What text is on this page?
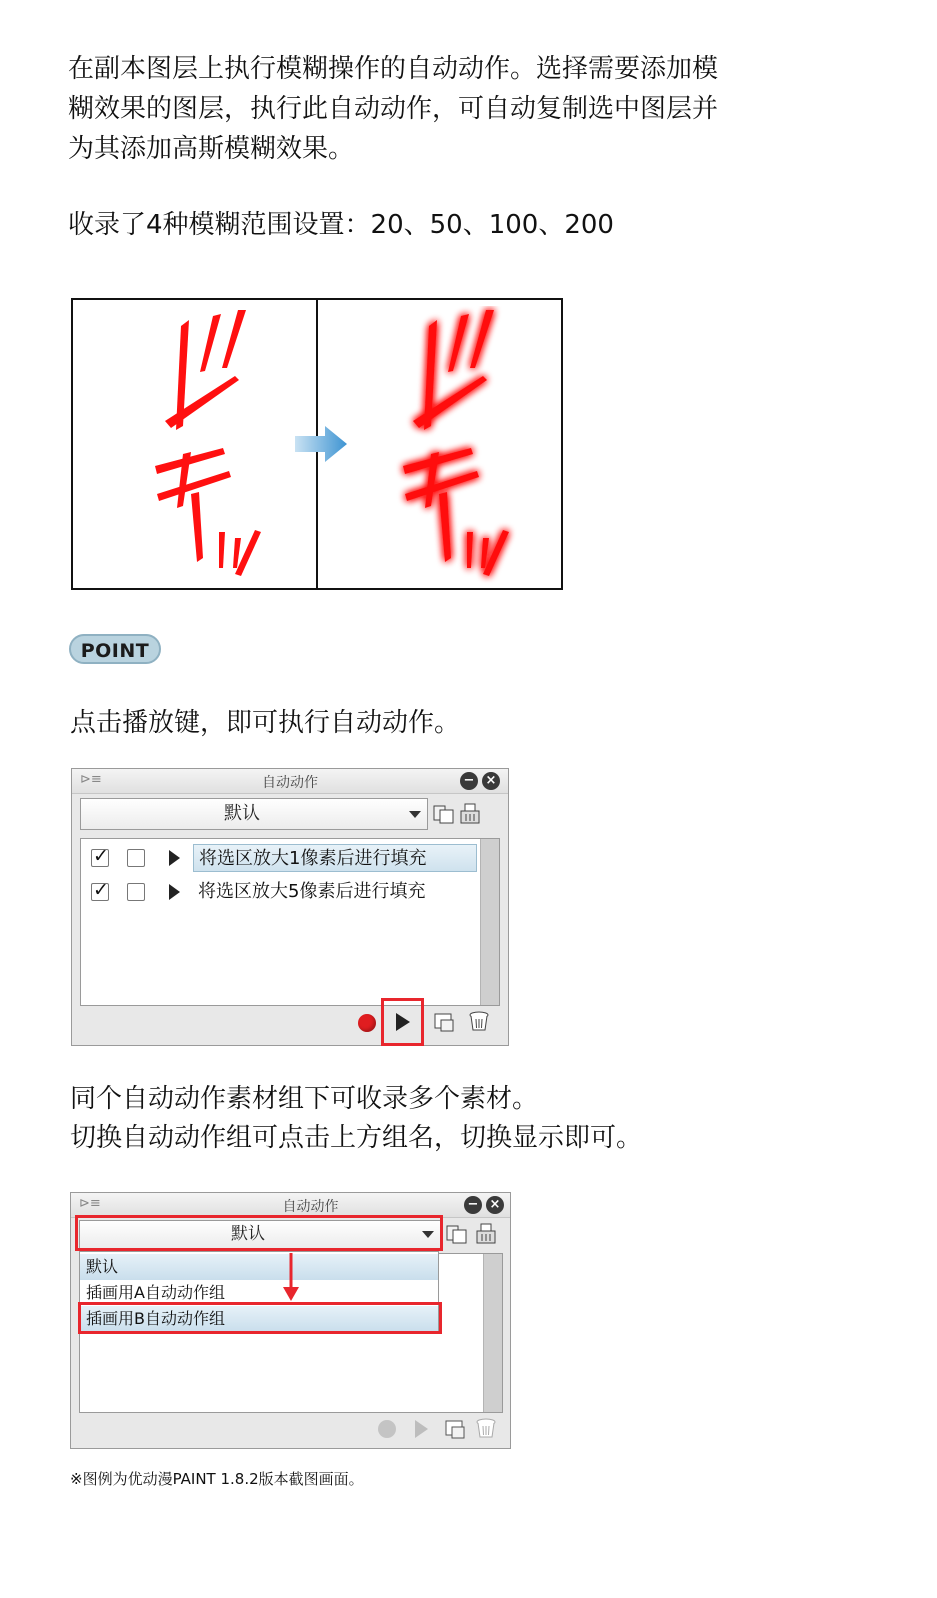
在副本图层上执行模糊操作的自动动作。选择需要添加模
糊效果的图层，执行此自动动作，可自动复制选中图层并
为其添加高斯模糊效果。
收录了4种模糊范围设置：20、50、100、200
POINT
点击播放键，即可执行自动动作。
⊳≡	自动动作	− ×
默认
✓
将选区放大1像素后进行填充
✓
将选区放大5像素后进行填充
同个自动动作素材组下可收录多个素材。
切换自动动作组可点击上方组名，切换显示即可。
⊳≡	自动动作	− ×
默认
默认
插画用A自动动作组
插画用B自动动作组
※图例为优动漫PAINT 1.8.2版本截图画面。
